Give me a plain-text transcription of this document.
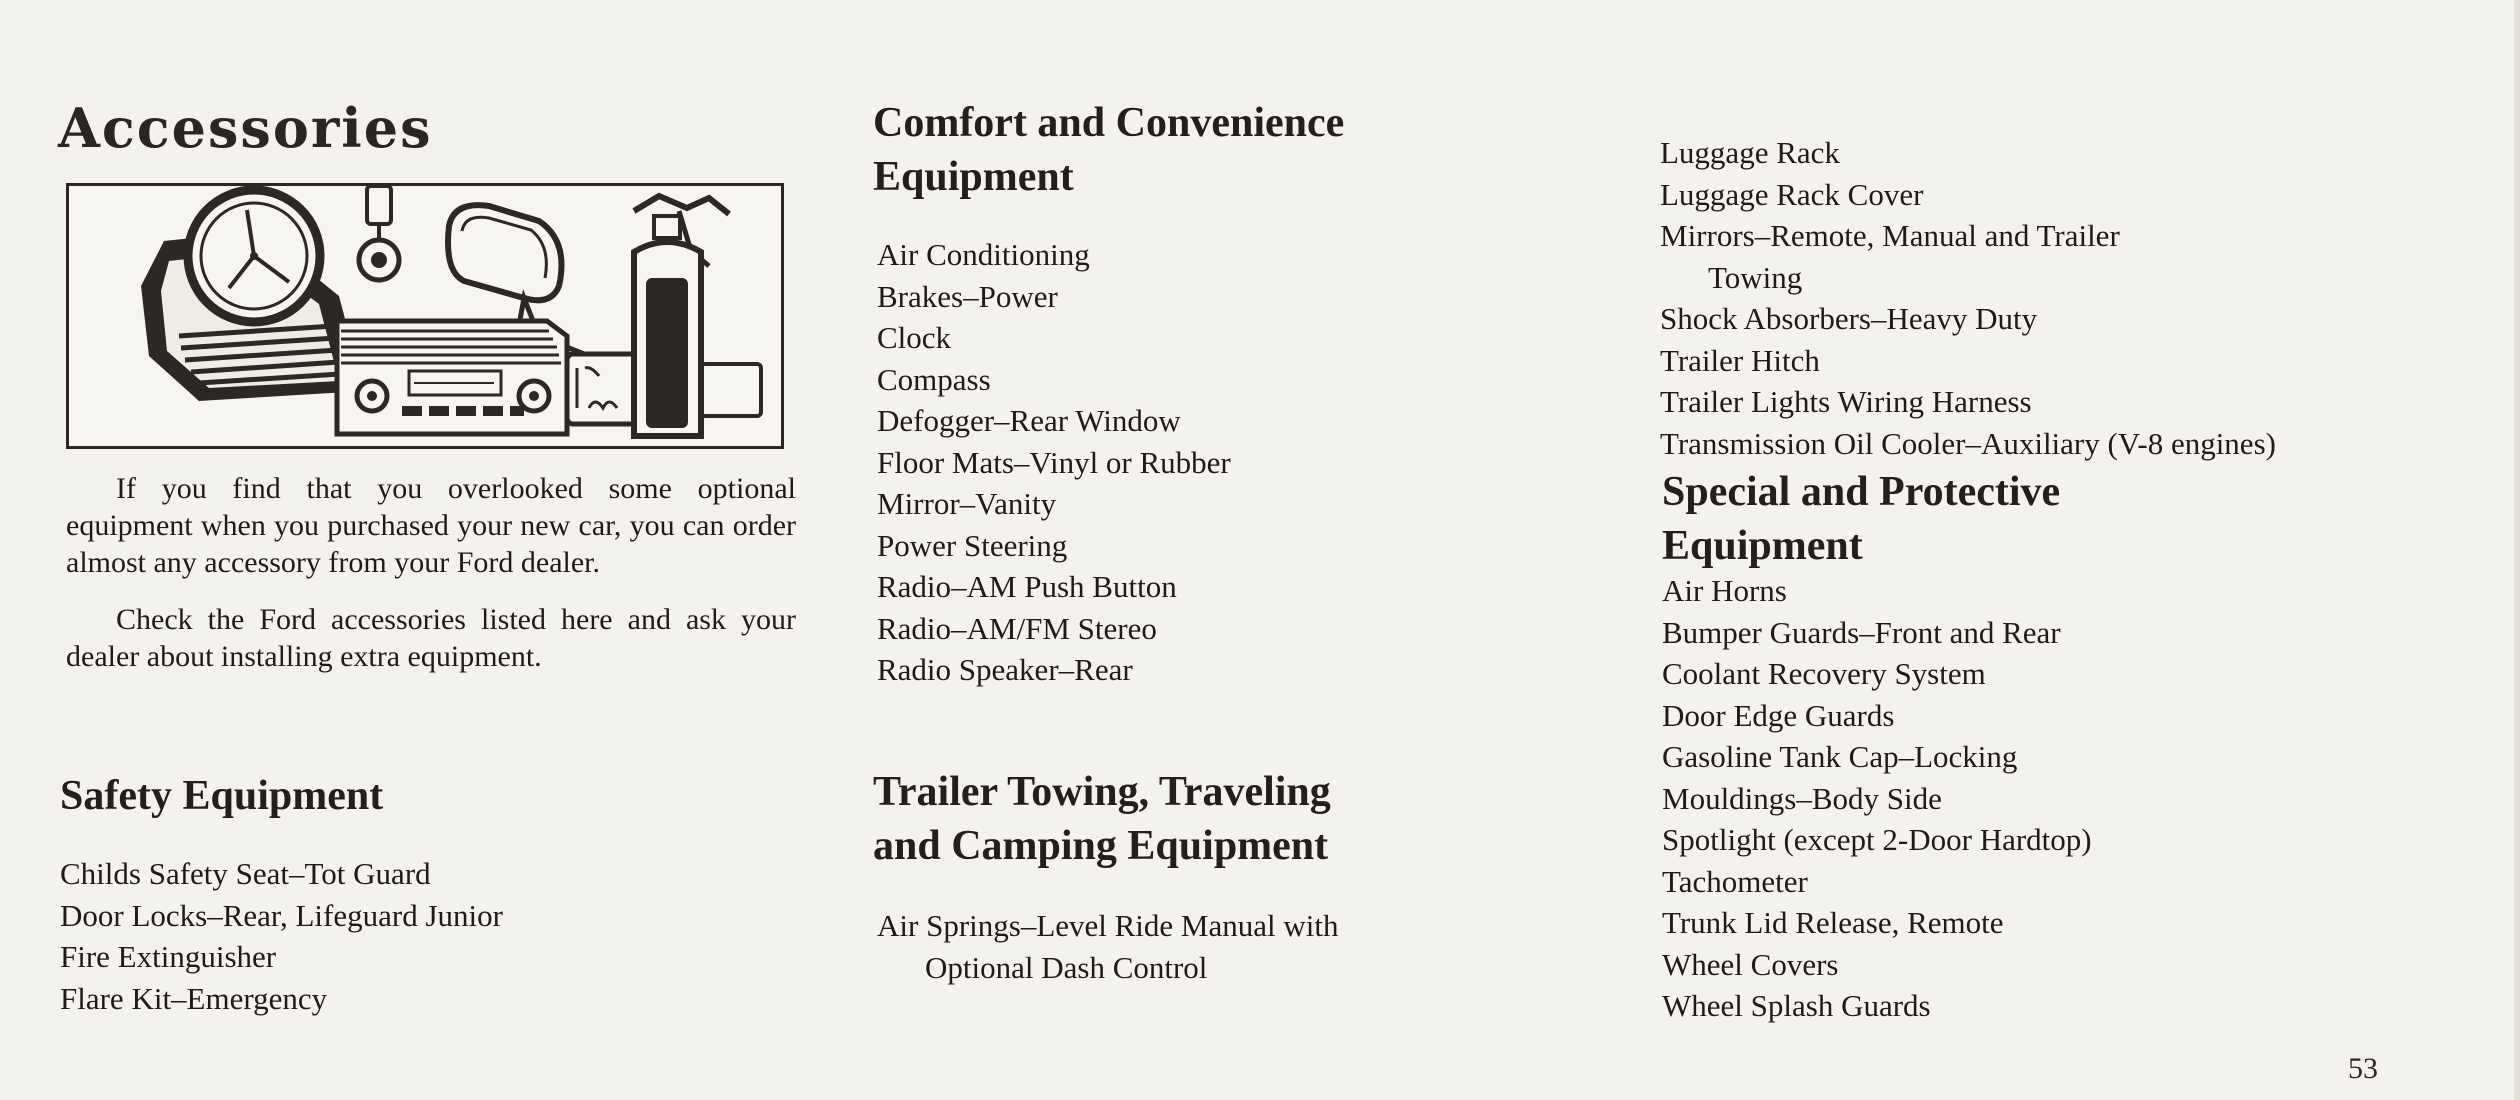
Accessories

If you find that you overlooked some optional equipment when you purchased your new car, you can order almost any accessory from your Ford dealer.

Check the Ford accessories listed here and ask your dealer about installing extra equipment.

Safety Equipment
Childs Safety Seat–Tot Guard
Door Locks–Rear, Lifeguard Junior
Fire Extinguisher
Flare Kit–Emergency
Comfort and Convenience
Equipment
Air Conditioning
Brakes–Power
Clock
Compass
Defogger–Rear Window
Floor Mats–Vinyl or Rubber
Mirror–Vanity
Power Steering
Radio–AM Push Button
Radio–AM/FM Stereo
Radio Speaker–Rear
Trailer Towing, Traveling
and Camping Equipment
Air Springs–Level Ride Manual with
Optional Dash Control
Luggage Rack
Luggage Rack Cover
Mirrors–Remote, Manual and Trailer
Towing
Shock Absorbers–Heavy Duty
Trailer Hitch
Trailer Lights Wiring Harness
Transmission Oil Cooler–Auxiliary (V-8 engines)
Special and Protective
Equipment
Air Horns
Bumper Guards–Front and Rear
Coolant Recovery System
Door Edge Guards
Gasoline Tank Cap–Locking
Mouldings–Body Side
Spotlight (except 2-Door Hardtop)
Tachometer
Trunk Lid Release, Remote
Wheel Covers
Wheel Splash Guards
53
